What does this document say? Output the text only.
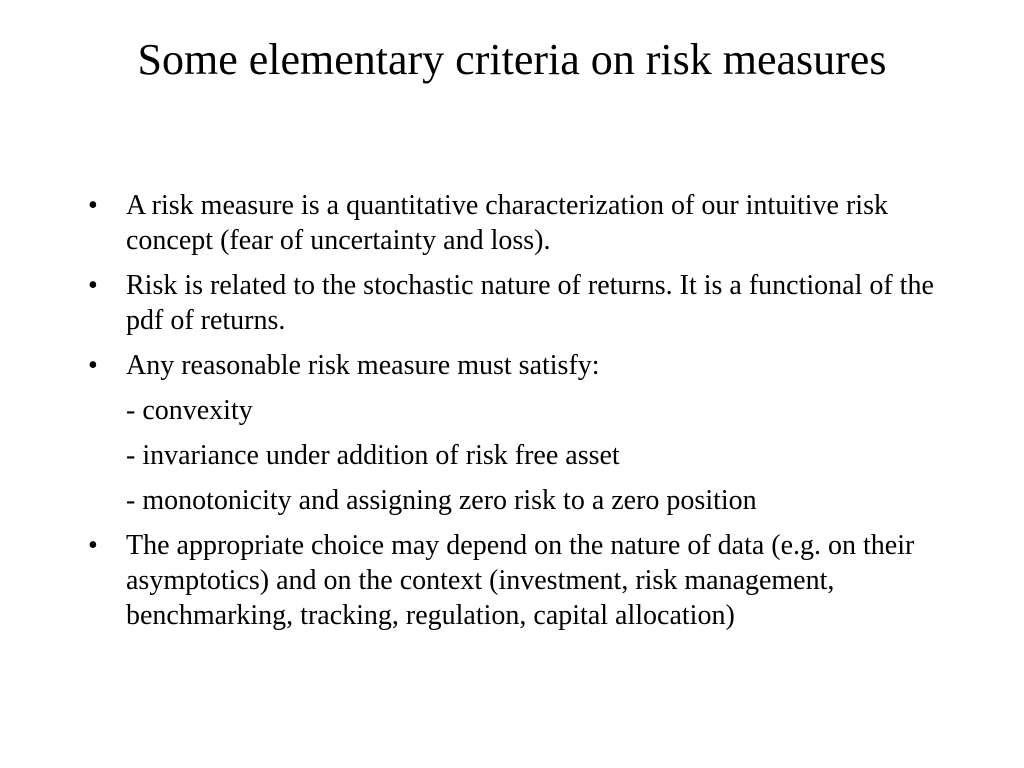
Some elementary criteria on risk measures
• A risk measure is a quantitative characterization of our intuitive risk concept (fear of uncertainty and loss).
• Risk is related to the stochastic nature of returns. It is a functional of the pdf of returns.
• Any reasonable risk measure must satisfy:
- convexity
- invariance under addition of risk free asset
- monotonicity and assigning zero risk to a zero position
• The appropriate choice may depend on the nature of data (e.g. on their asymptotics) and on the context (investment, risk management, benchmarking, tracking, regulation, capital allocation)
